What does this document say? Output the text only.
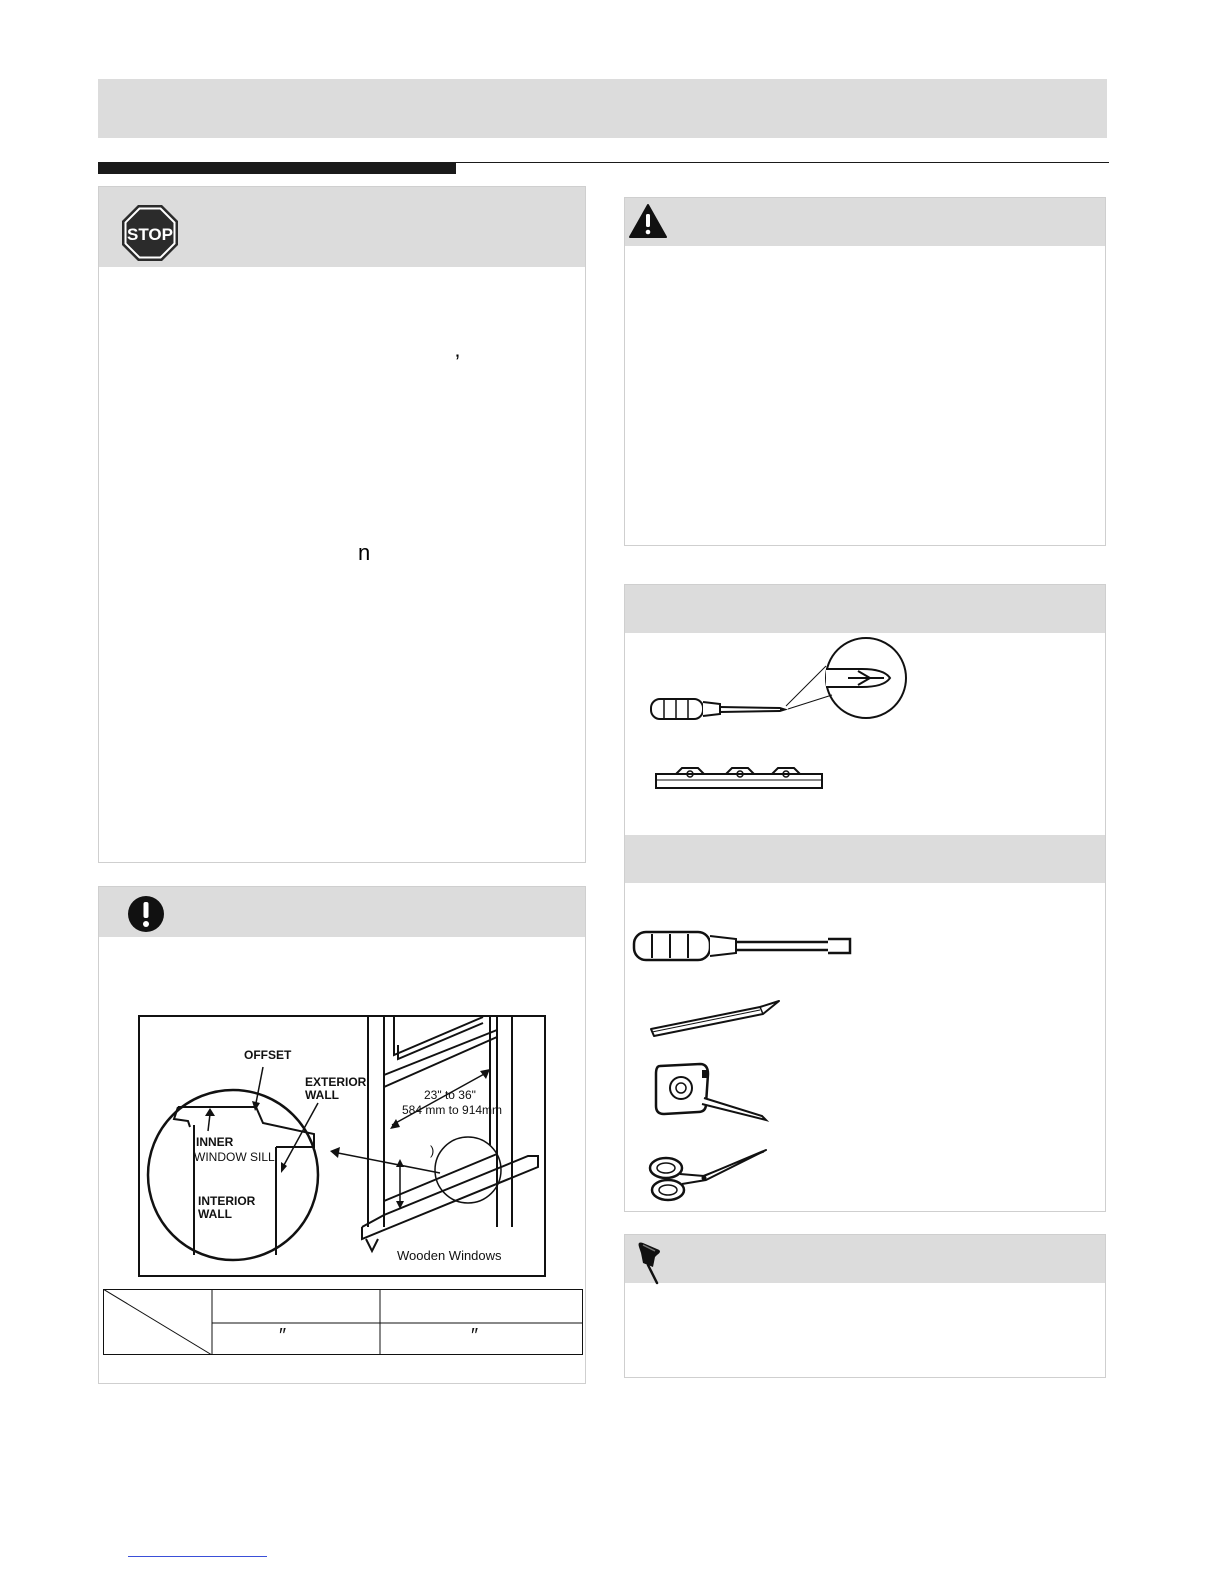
STOP
’
n
)
OFFSET
EXTERIOR
WALL
INNER
WINDOW SILL
INTERIOR
WALL
23" to 36"
584 mm to 914mm
Wooden Windows
″	″
